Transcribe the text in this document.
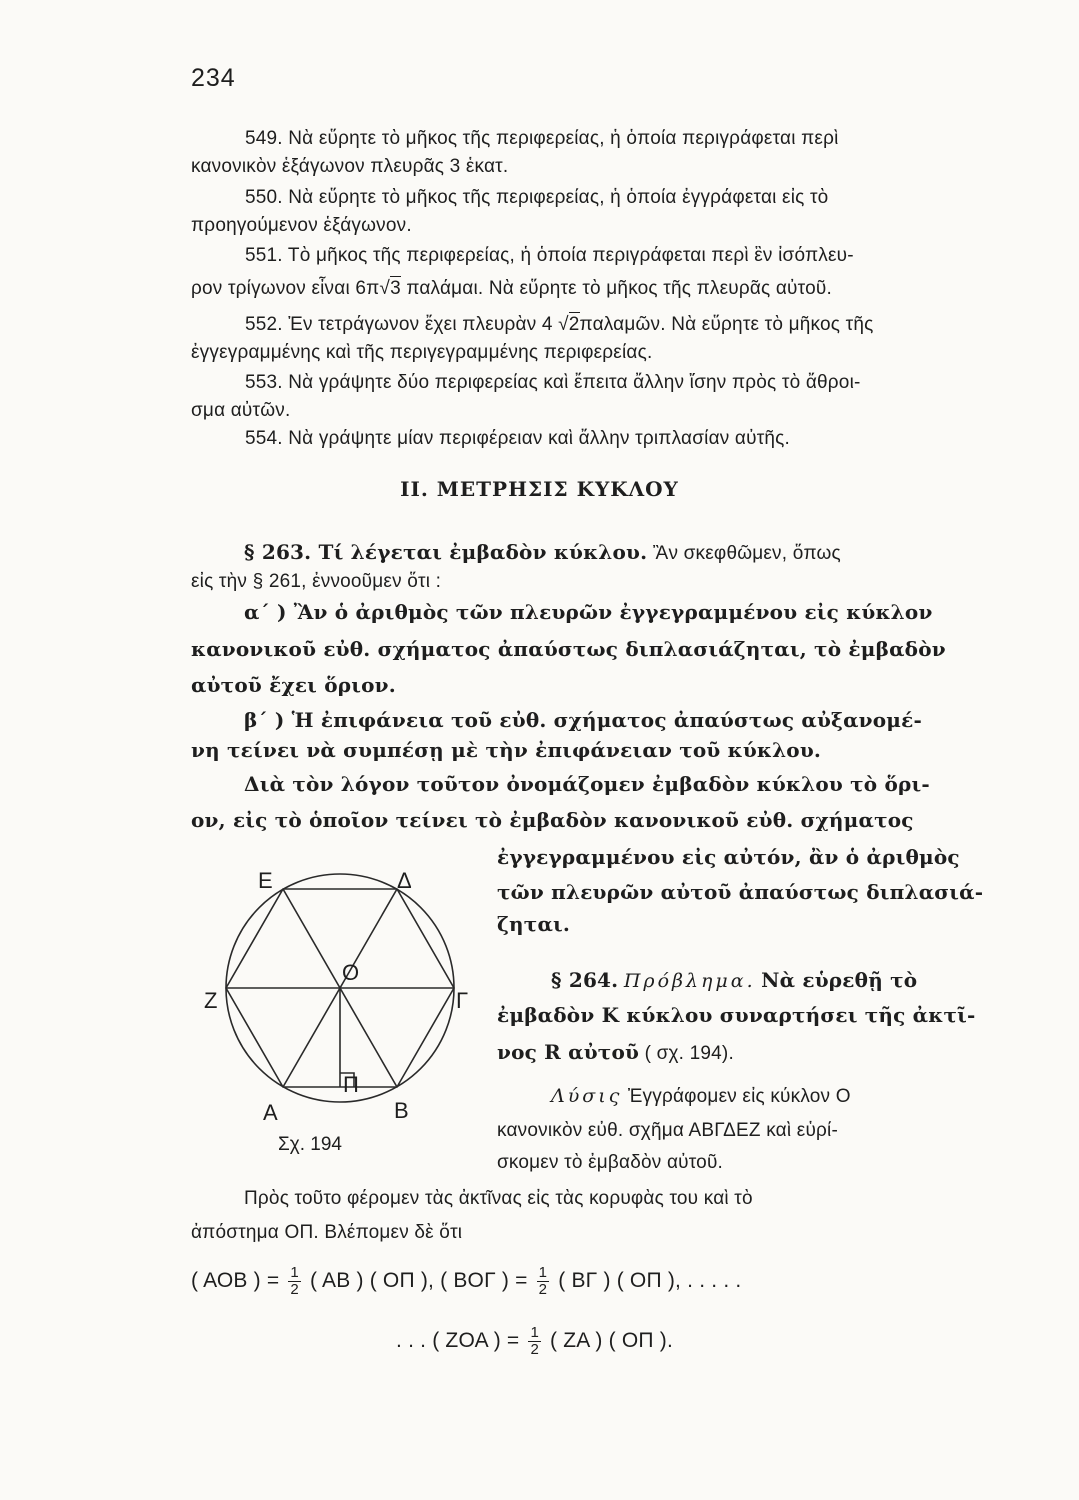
234
549. Νὰ εὕρητε τὸ μῆκος τῆς περιφερείας, ἡ ὁποία περιγράφεται περὶ
κανονικὸν ἑξάγωνον πλευρᾶς 3 ἑκατ.
550. Νὰ εὕρητε τὸ μῆκος τῆς περιφερείας, ἡ ὁποία ἐγγράφεται εἰς τὸ
προηγούμενον ἑξάγωνον.
551. Τὸ μῆκος τῆς περιφερείας, ἡ ὁποία περιγράφεται περὶ ἓν ἰσόπλευ-
ρον τρίγωνον εἶναι 6π√3 παλάμαι. Νὰ εὕρητε τὸ μῆκος τῆς πλευρᾶς αὐτοῦ.
552. Ἐν τετράγωνον ἔχει πλευρὰν 4 √2παλαμῶν. Νὰ εὕρητε τὸ μῆκος τῆς
ἐγγεγραμμένης καὶ τῆς περιγεγραμμένης περιφερείας.
553. Νὰ γράψητε δύο περιφερείας καὶ ἔπειτα ἄλλην ἴσην πρὸς τὸ ἄθροι-
σμα αὐτῶν.
554. Νὰ γράψητε μίαν περιφέρειαν καὶ ἄλλην τριπλασίαν αὐτῆς.
II. ΜΕΤΡΗΣΙΣ ΚΥΚΛΟΥ
§ 263. Τί λέγεται ἐμβαδὸν κύκλου. Ἂν σκεφθῶμεν, ὅπως
εἰς τὴν § 261, ἐννοοῦμεν ὅτι :
α΄ ) Ἂν ὁ ἀριθμὸς τῶν πλευρῶν ἐγγεγραμμένου εἰς κύκλον
κανονικοῦ εὐθ. σχήματος ἀπαύστως διπλασιάζηται, τὸ ἐμβαδὸν
αὐτοῦ ἔχει ὅριον.
β΄ ) Ἡ ἐπιφάνεια τοῦ εὐθ. σχήματος ἀπαύστως αὐξανομέ-
νη τείνει νὰ συμπέσῃ μὲ τὴν ἐπιφάνειαν τοῦ κύκλου.
Διὰ τὸν λόγον τοῦτον ὀνομάζομεν ἐμβαδὸν κύκλου τὸ ὅρι-
ον, εἰς τὸ ὁποῖον τείνει τὸ ἐμβαδὸν κανονικοῦ εὐθ. σχήματος
ἐγγεγραμμένου εἰς αὐτόν, ἂν ὁ ἀριθμὸς
τῶν πλευρῶν αὐτοῦ ἀπαύστως διπλασιά-
ζηται.
Ε	Δ
Ζ	Γ
Ο
Α	Β
Π
Σχ. 194
§ 264. Πρόβλημα. Νὰ εὑρεθῇ τὸ
ἐμβαδὸν Κ κύκλου συναρτήσει τῆς ἀκτῖ-
νος R αὐτοῦ ( σχ. 194).
Λύσις Ἐγγράφομεν εἰς κύκλον Ο
κανονικὸν εὐθ. σχῆμα ΑΒΓΔΕΖ καὶ εὑρί-
σκομεν τὸ ἐμβαδὸν αὐτοῦ.
Πρὸς τοῦτο φέρομεν τὰς ἀκτῖνας εἰς τὰς κορυφὰς του καὶ τὸ
ἀπόστημα ΟΠ. Βλέπομεν δὲ ὅτι
( ΑΟΒ ) = $\frac{1}{2}$ ( ΑΒ ) ( ΟΠ ), ( ΒΟΓ ) = $\frac{1}{2}$ ( ΒΓ ) ( ΟΠ ), . . . . .
. . . ( ΖΟΑ ) = $\frac{1}{2}$ ( ΖΑ ) ( ΟΠ ).
